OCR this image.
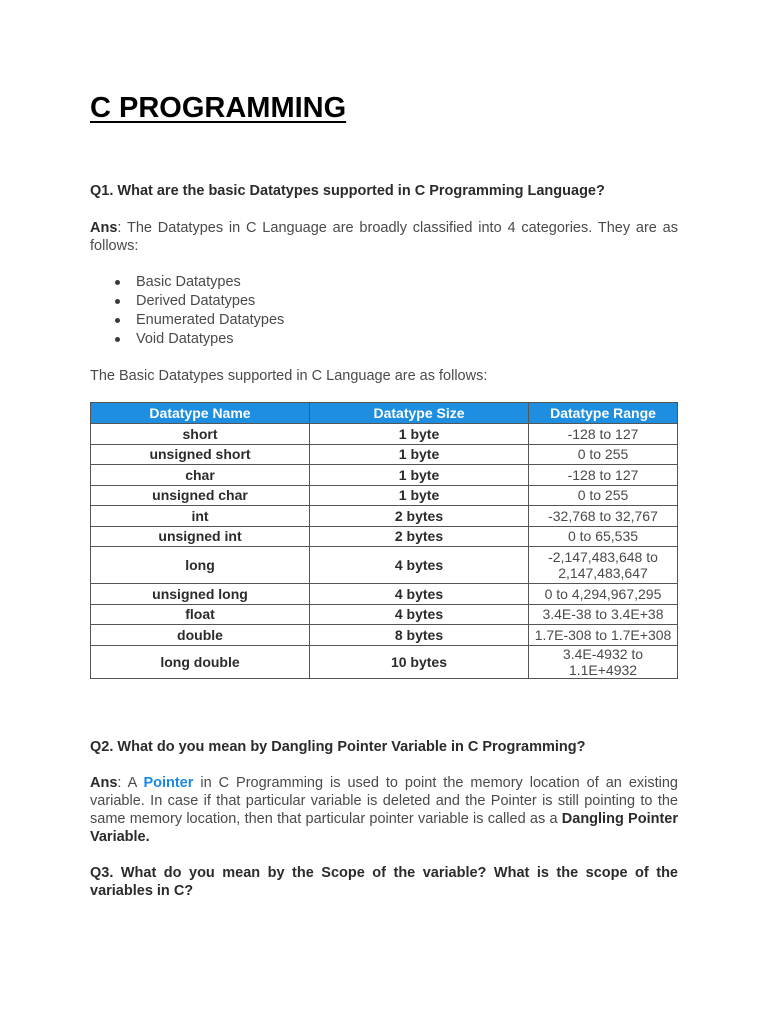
C PROGRAMMING
Q1. What are the basic Datatypes supported in C Programming Language?
Ans: The Datatypes in C Language are broadly classified into 4 categories. They are as follows:
Basic Datatypes
Derived Datatypes
Enumerated Datatypes
Void Datatypes
The Basic Datatypes supported in C Language are as follows:
Datatype Name	Datatype Size	Datatype Range
short	1 byte	-128 to 127
unsigned short	1 byte	0 to 255
char	1 byte	-128 to 127
unsigned char	1 byte	0 to 255
int	2 bytes	-32,768 to 32,767
unsigned int	2 bytes	0 to 65,535
long	4 bytes	-2,147,483,648 to 2,147,483,647
unsigned long	4 bytes	0 to 4,294,967,295
float	4 bytes	3.4E-38 to 3.4E+38
double	8 bytes	1.7E-308 to 1.7E+308
long double	10 bytes	3.4E-4932 to 1.1E+4932
Q2. What do you mean by Dangling Pointer Variable in C Programming?
Ans: A Pointer in C Programming is used to point the memory location of an existing variable. In case if that particular variable is deleted and the Pointer is still pointing to the same memory location, then that particular pointer variable is called as a Dangling Pointer Variable.
Q3. What do you mean by the Scope of the variable? What is the scope of the variables in C?
